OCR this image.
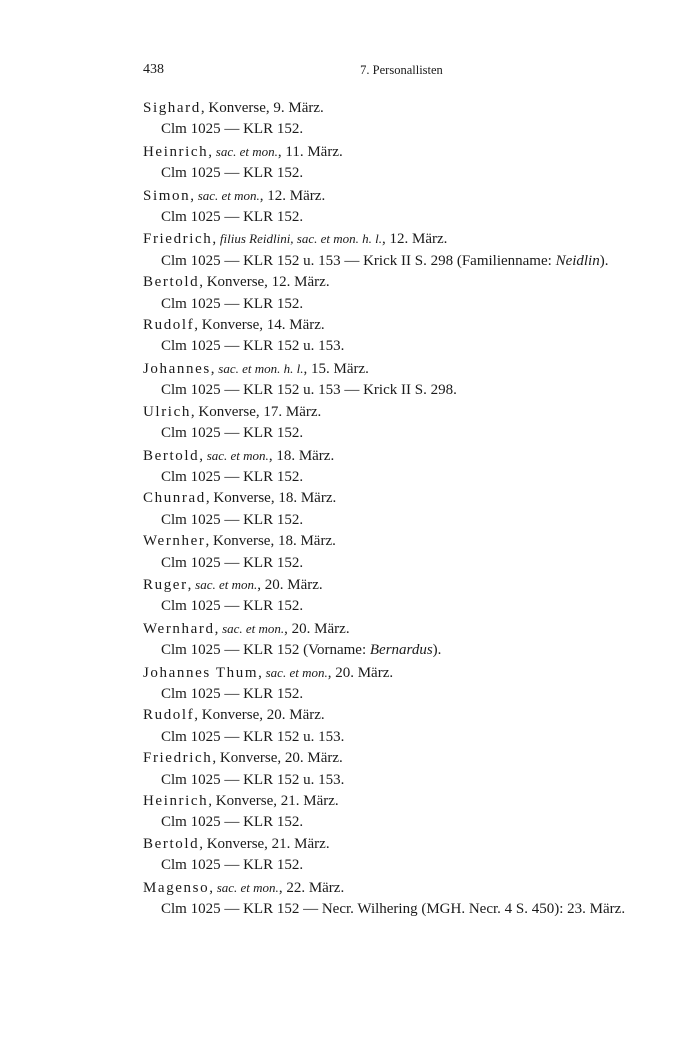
438	7. Personallisten
Sighard, Konverse, 9. März.
Clm 1025 — KLR 152.
Heinrich, sac. et mon., 11. März.
Clm 1025 — KLR 152.
Simon, sac. et mon., 12. März.
Clm 1025 — KLR 152.
Friedrich, filius Reidlini, sac. et mon. h. l., 12. März.
Clm 1025 — KLR 152 u. 153 — Krick II S. 298 (Familienname: Neidlin).
Bertold, Konverse, 12. März.
Clm 1025 — KLR 152.
Rudolf, Konverse, 14. März.
Clm 1025 — KLR 152 u. 153.
Johannes, sac. et mon. h. l., 15. März.
Clm 1025 — KLR 152 u. 153 — Krick II S. 298.
Ulrich, Konverse, 17. März.
Clm 1025 — KLR 152.
Bertold, sac. et mon., 18. März.
Clm 1025 — KLR 152.
Chunrad, Konverse, 18. März.
Clm 1025 — KLR 152.
Wernher, Konverse, 18. März.
Clm 1025 — KLR 152.
Ruger, sac. et mon., 20. März.
Clm 1025 — KLR 152.
Wernhard, sac. et mon., 20. März.
Clm 1025 — KLR 152 (Vorname: Bernardus).
Johannes Thum, sac. et mon., 20. März.
Clm 1025 — KLR 152.
Rudolf, Konverse, 20. März.
Clm 1025 — KLR 152 u. 153.
Friedrich, Konverse, 20. März.
Clm 1025 — KLR 152 u. 153.
Heinrich, Konverse, 21. März.
Clm 1025 — KLR 152.
Bertold, Konverse, 21. März.
Clm 1025 — KLR 152.
Magenso, sac. et mon., 22. März.
Clm 1025 — KLR 152 — Necr. Wilhering (MGH. Necr. 4 S. 450): 23. März.
